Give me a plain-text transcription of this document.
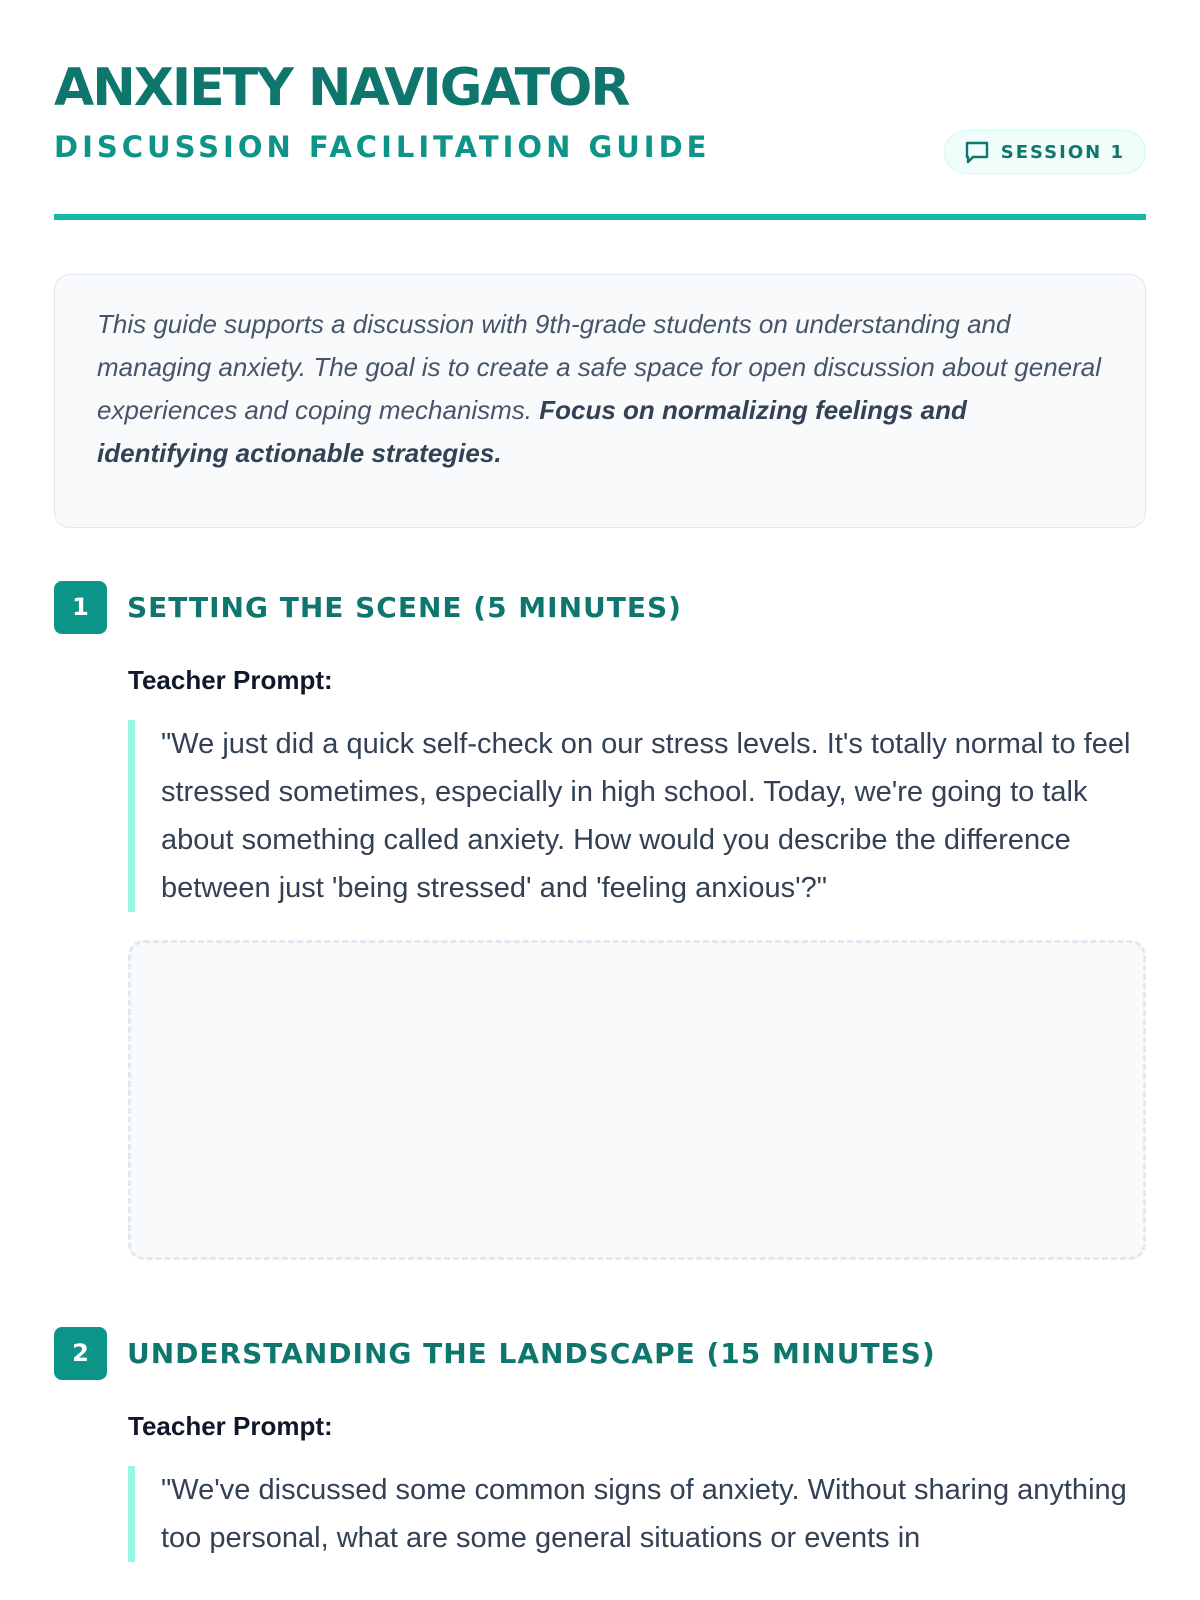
ANXIETY NAVIGATOR
DISCUSSION FACILITATION GUIDE	SESSION 1
This guide supports a discussion with 9th-grade students on understanding and managing anxiety. The goal is to create a safe space for open discussion about general experiences and coping mechanisms. Focus on normalizing feelings and identifying actionable strategies.
1	SETTING THE SCENE (5 MINUTES)
Teacher Prompt:
"We just did a quick self-check on our stress levels. It's totally normal to feel stressed sometimes, especially in high school. Today, we're going to talk about something called anxiety. How would you describe the difference between just 'being stressed' and 'feeling anxious'?"
2	UNDERSTANDING THE LANDSCAPE (15 MINUTES)
Teacher Prompt:
"We've discussed some common signs of anxiety. Without sharing anything too personal, what are some general situations or events in
